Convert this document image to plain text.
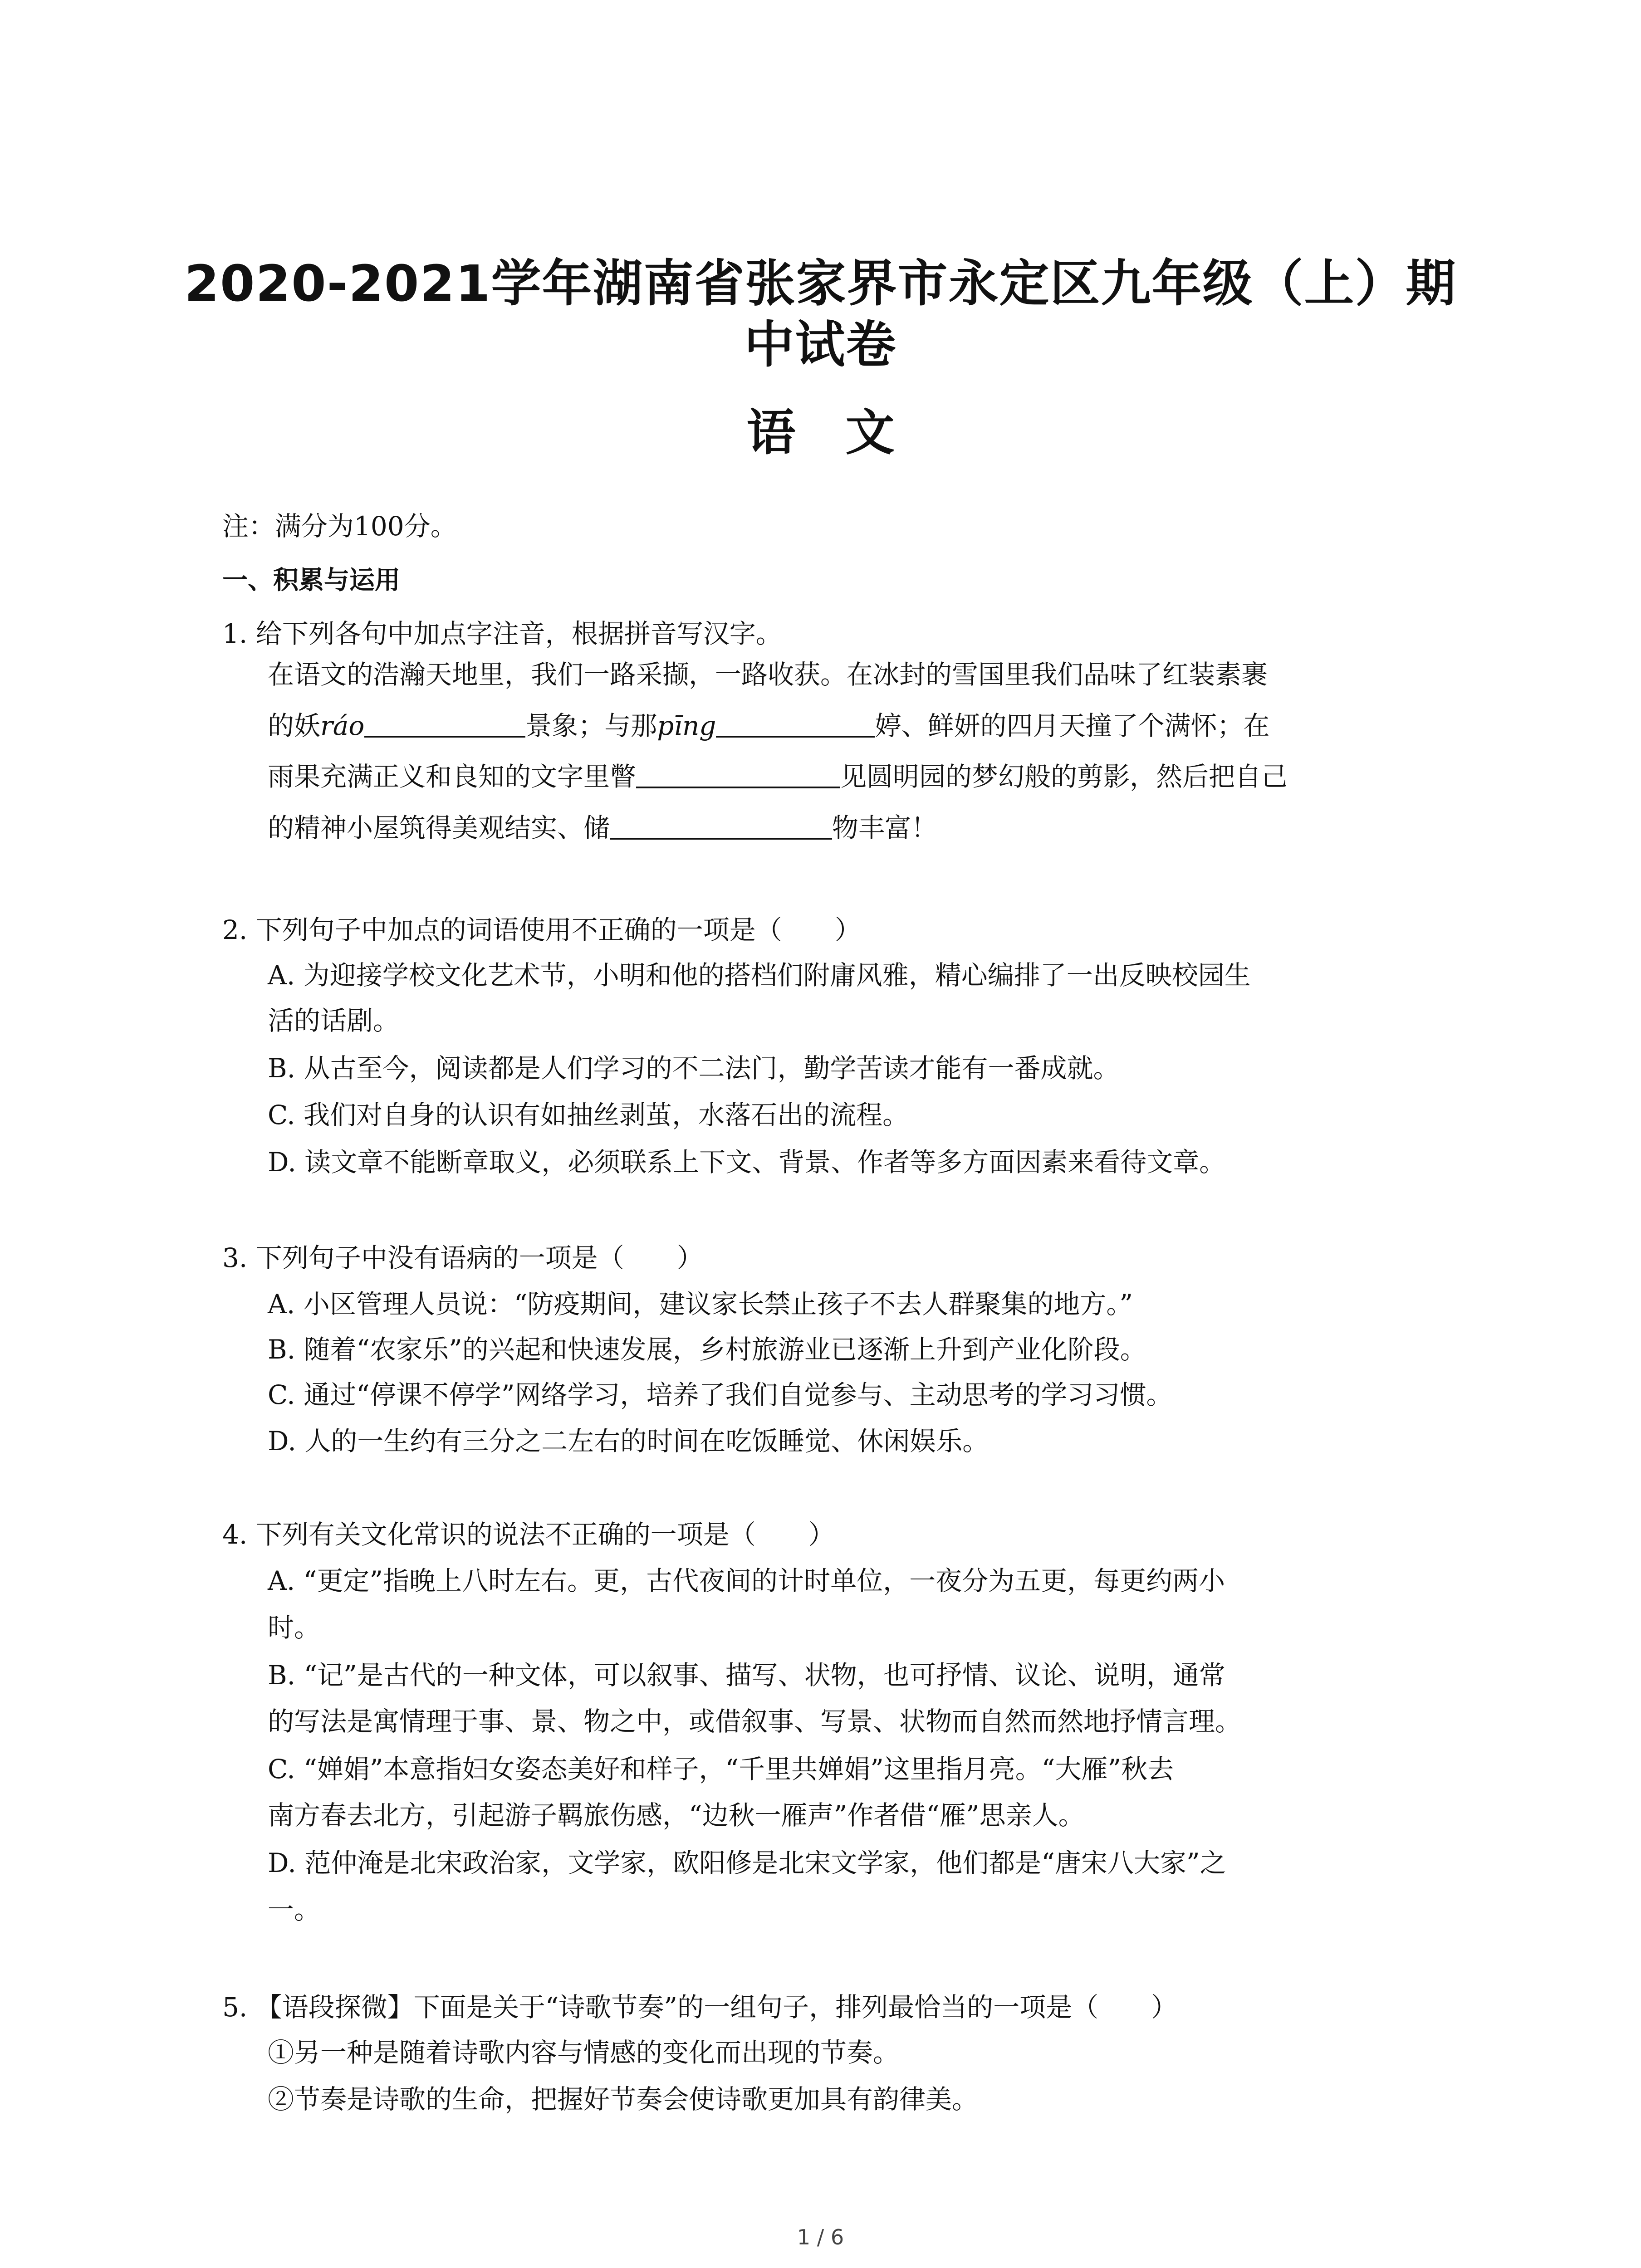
2020-2021学年湖南省张家界市永定区九年级（上）期
中试卷
语文
注：满分为100分。
一、积累与运用
1. 给下列各句中加点字注音，根据拼音写汉字。
在语文的浩瀚天地里，我们一路采撷，一路收获。在冰封的雪国里我们品味了红装素裹
的妖ráo	景象；与那pīng	婷、鲜妍的四月天撞了个满怀；在
雨果充满正义和良知的文字里瞥	见圆明园的梦幻般的剪影，然后把自己
的精神小屋筑得美观结实、储	物丰富！
2. 下列句子中加点的词语使用不正确的一项是（　　）
A. 为迎接学校文化艺术节，小明和他的搭档们附庸风雅，精心编排了一出反映校园生
活的话剧。
B. 从古至今，阅读都是人们学习的不二法门，勤学苦读才能有一番成就。
C. 我们对自身的认识有如抽丝剥茧，水落石出的流程。
D. 读文章不能断章取义，必须联系上下文、背景、作者等多方面因素来看待文章。
3. 下列句子中没有语病的一项是（　　）
A. 小区管理人员说：“防疫期间，建议家长禁止孩子不去人群聚集的地方。”
B. 随着“农家乐”的兴起和快速发展，乡村旅游业已逐渐上升到产业化阶段。
C. 通过“停课不停学”网络学习，培养了我们自觉参与、主动思考的学习习惯。
D. 人的一生约有三分之二左右的时间在吃饭睡觉、休闲娱乐。
4. 下列有关文化常识的说法不正确的一项是（　　）
A. “更定”指晚上八时左右。更，古代夜间的计时单位，一夜分为五更，每更约两小
时。
B. “记”是古代的一种文体，可以叙事、描写、状物，也可抒情、议论、说明，通常
的写法是寓情理于事、景、物之中，或借叙事、写景、状物而自然而然地抒情言理。
C. “婵娟”本意指妇女姿态美好和样子，“千里共婵娟”这里指月亮。“大雁”秋去
南方春去北方，引起游子羁旅伤感，“边秋一雁声”作者借“雁”思亲人。
D. 范仲淹是北宋政治家，文学家，欧阳修是北宋文学家，他们都是“唐宋八大家”之
一。
5. 【语段探微】下面是关于“诗歌节奏”的一组句子，排列最恰当的一项是（　　）
①另一种是随着诗歌内容与情感的变化而出现的节奏。
②节奏是诗歌的生命，把握好节奏会使诗歌更加具有韵律美。
1 / 6
